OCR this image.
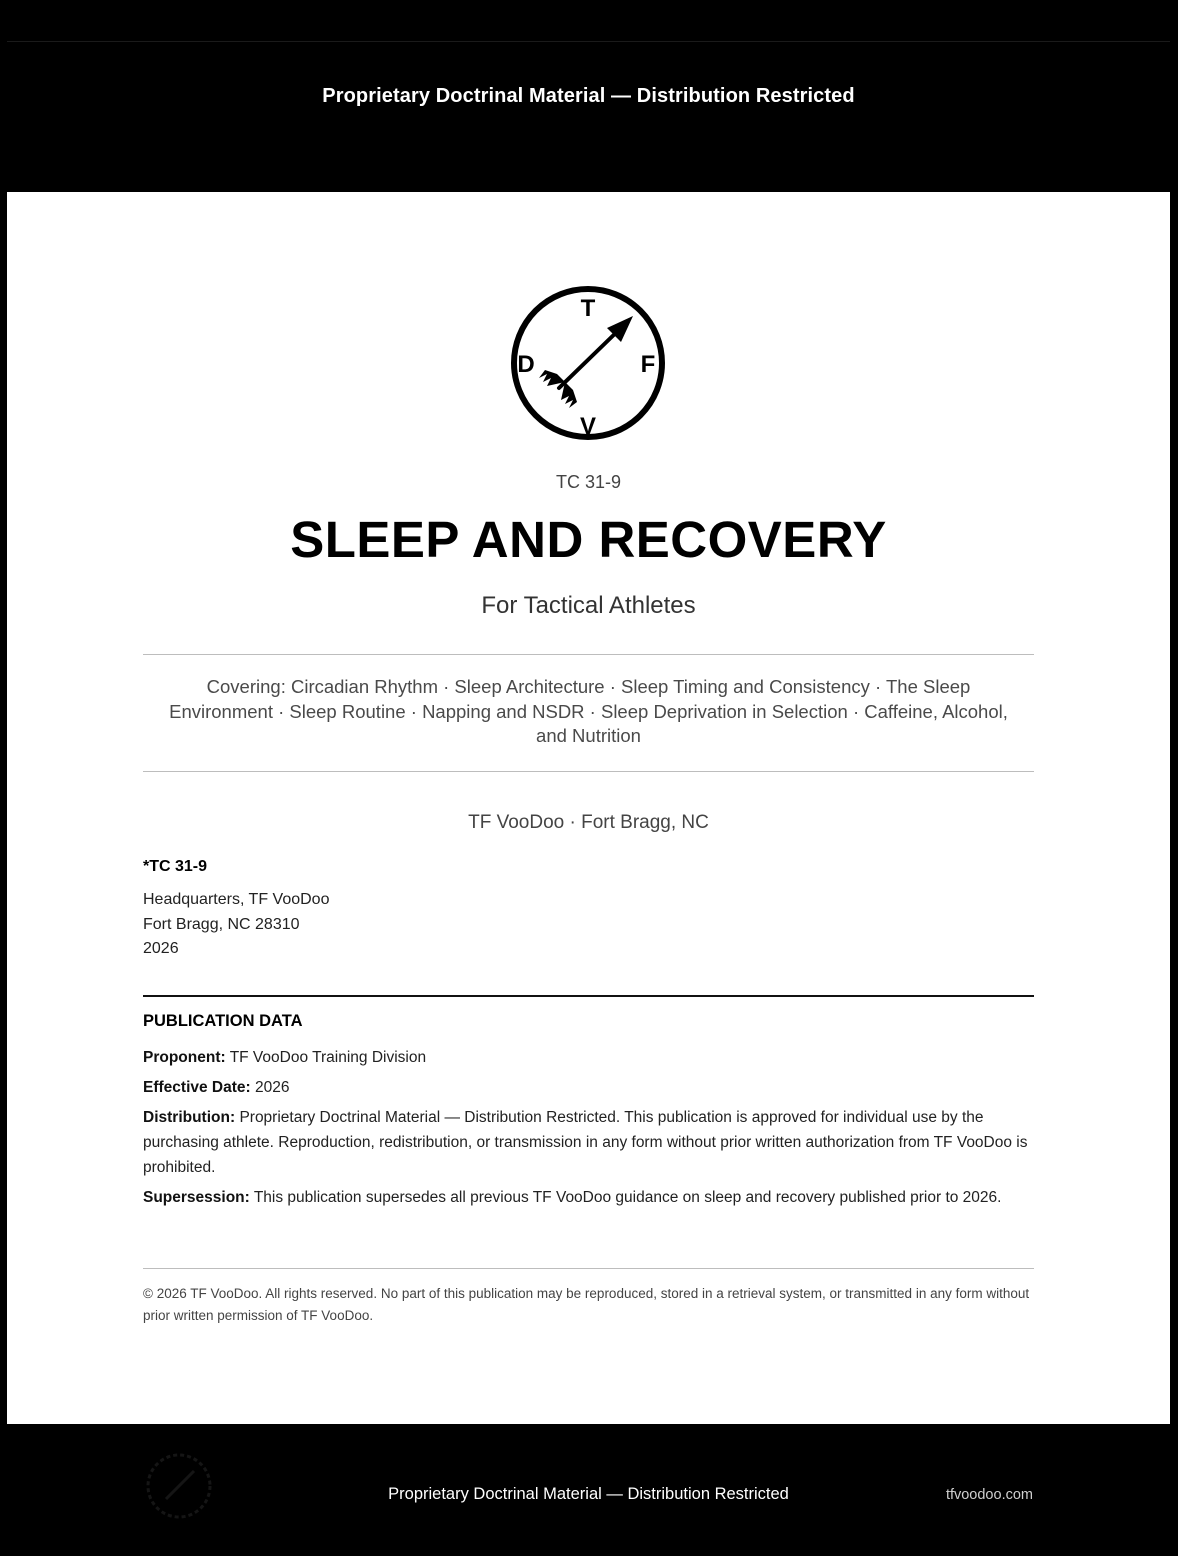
Proprietary Doctrinal Material — Distribution Restricted
T
F
V
D
TC 31-9
SLEEP AND RECOVERY
For Tactical Athletes
Covering: Circadian Rhythm · Sleep Architecture · Sleep Timing and Consistency · The Sleep Environment · Sleep Routine · Napping and NSDR · Sleep Deprivation in Selection · Caffeine, Alcohol, and Nutrition
TF VooDoo · Fort Bragg, NC
*TC 31-9
Headquarters, TF VooDoo
Fort Bragg, NC 28310
2026
PUBLICATION DATA
Proponent: TF VooDoo Training Division
Effective Date: 2026
Distribution: Proprietary Doctrinal Material — Distribution Restricted. This publication is approved for individual use by the purchasing athlete. Reproduction, redistribution, or transmission in any form without prior written authorization from TF VooDoo is prohibited.
Supersession: This publication supersedes all previous TF VooDoo guidance on sleep and recovery published prior to 2026.
© 2026 TF VooDoo. All rights reserved. No part of this publication may be reproduced, stored in a retrieval system, or transmitted in any form without prior written permission of TF VooDoo.
Proprietary Doctrinal Material — Distribution Restricted	tfvoodoo.com
